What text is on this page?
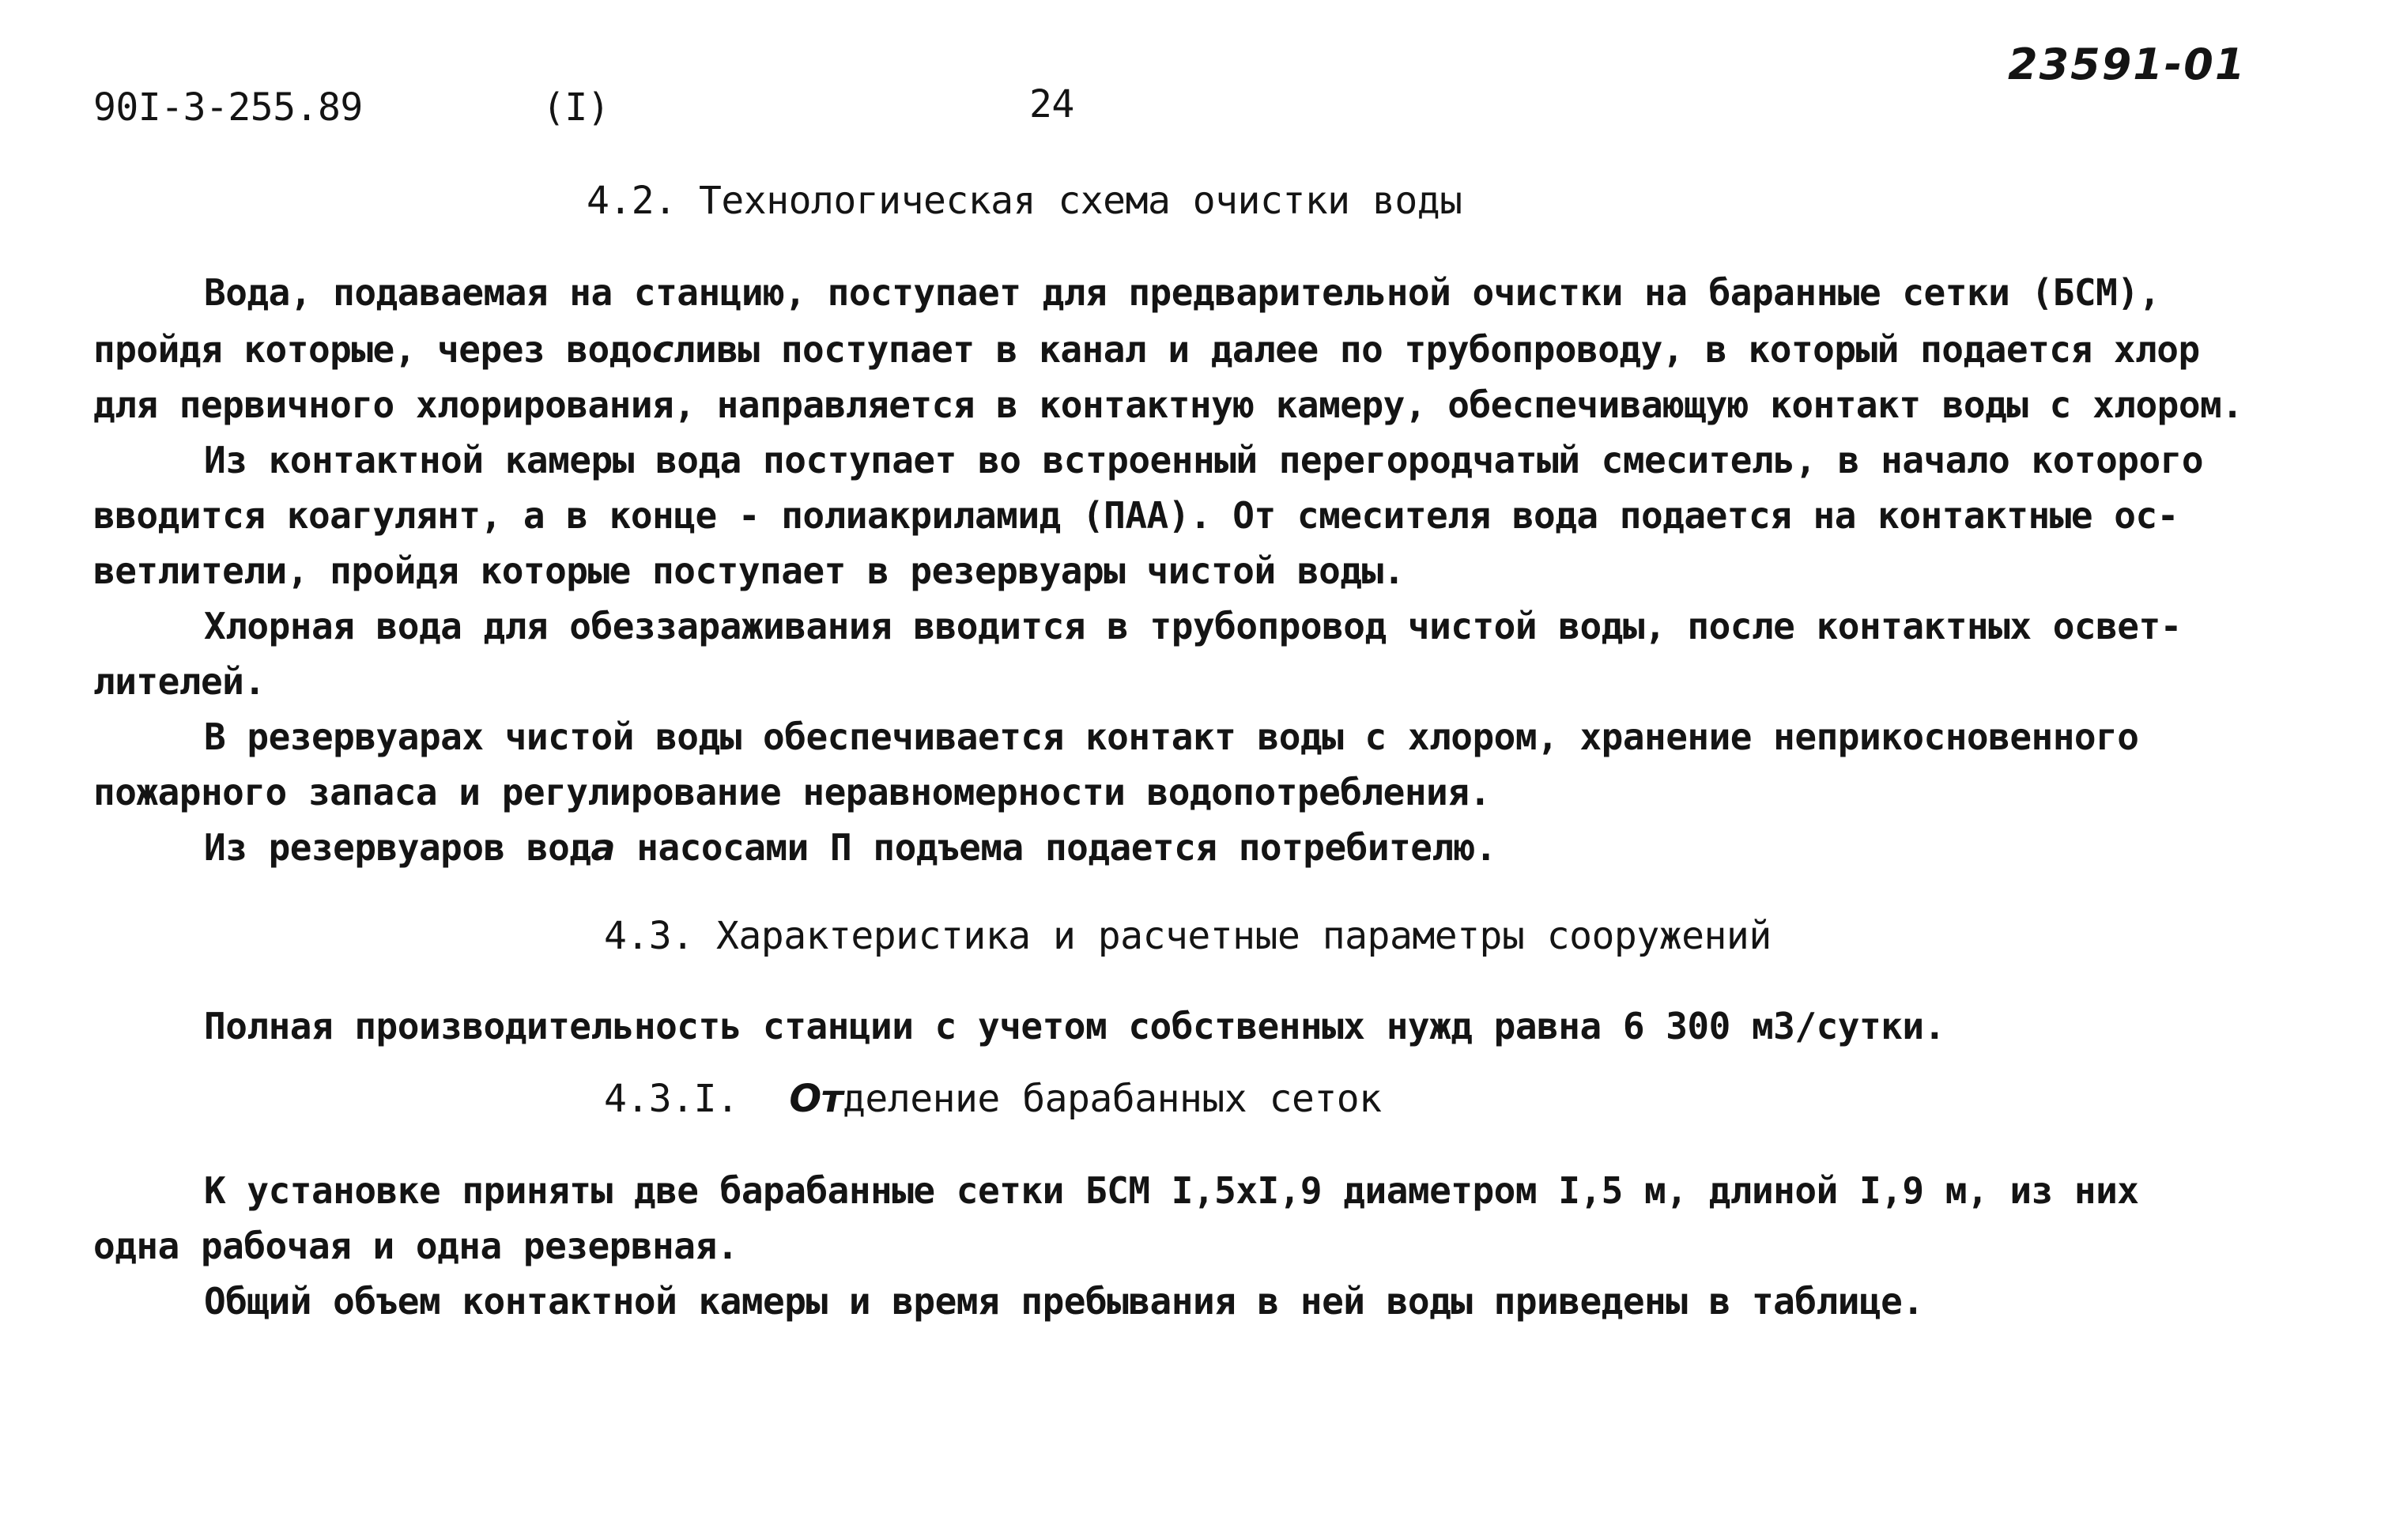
90I-3-255.89	(I)	24
23591-01
4.2. Технологическая схема очистки воды
Вода, подаваемая на станцию, поступает для предварительной очистки на баранные сетки (БСМ),
пройдя которые, через водосливы поступает в канал и далее по трубопроводу, в который подается хлор
для первичного хлорирования, направляется в контактную камеру, обеспечивающую контакт воды с хлором.
Из контактной камеры вода поступает во встроенный перегородчатый смеситель, в начало которого
вводится коагулянт, а в конце - полиакриламид (ПАА). От смесителя вода подается на контактные ос-
ветлители, пройдя которые поступает в резервуары чистой воды.
Хлорная вода для обеззараживания вводится в трубопровод чистой воды, после контактных освет-
лителей.
В резервуарах чистой воды обеспечивается контакт воды с хлором, хранение неприкосновенного
пожарного запаса и регулирование неравномерности водопотребления.
Из резервуаров вода насосами П подъема подается потребителю.
4.3. Характеристика и расчетные параметры сооружений
Полная производительность станции с учетом собственных нужд равна 6 300 м3/сутки.
4.3.I. Отделение барабанных сеток
К установке приняты две барабанные сетки БСМ I,5xI,9 диаметром I,5 м, длиной I,9 м, из них
одна рабочая и одна резервная.
Общий объем контактной камеры и время пребывания в ней воды приведены в таблице.
